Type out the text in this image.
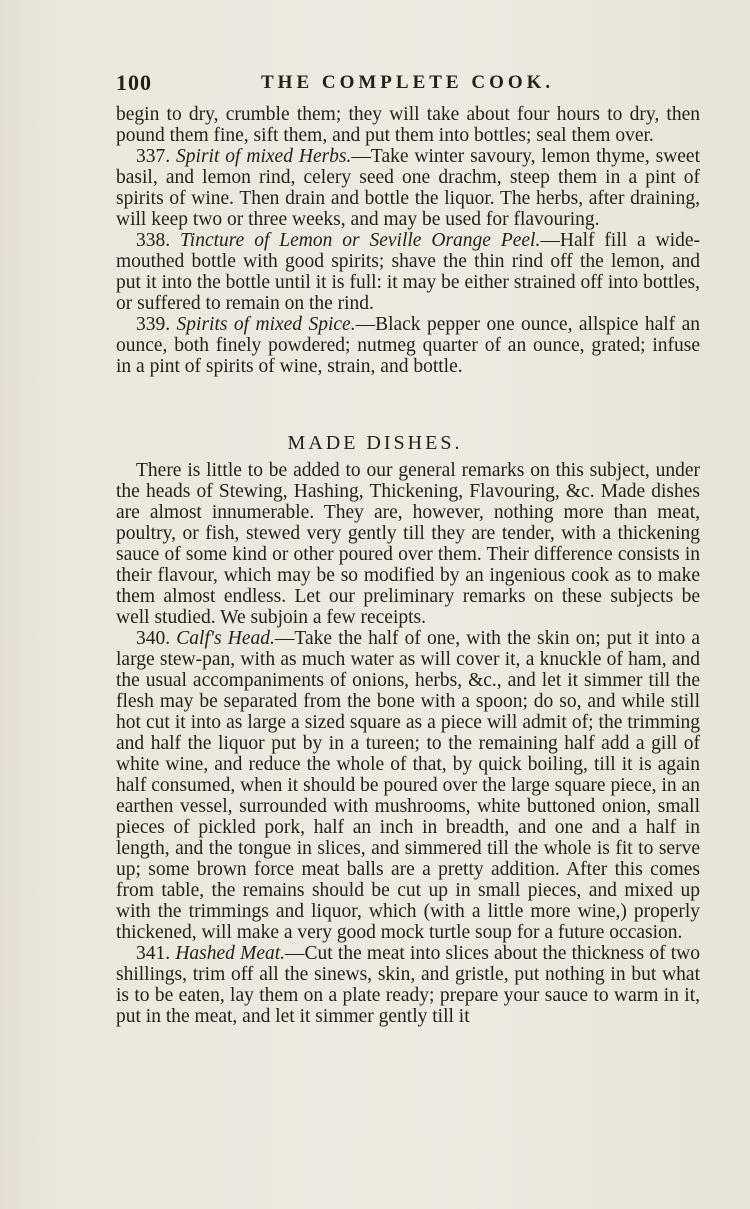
100	THE COMPLETE COOK.

begin to dry, crumble them; they will take about four hours to dry, then pound them fine, sift them, and put them into bottles; seal them over.

337. Spirit of mixed Herbs.—Take winter savoury, lemon thyme, sweet basil, and lemon rind, celery seed one drachm, steep them in a pint of spirits of wine. Then drain and bottle the liquor. The herbs, after draining, will keep two or three weeks, and may be used for flavouring.

338. Tincture of Lemon or Seville Orange Peel.—Half fill a wide-mouthed bottle with good spirits; shave the thin rind off the lemon, and put it into the bottle until it is full: it may be either strained off into bottles, or suffered to remain on the rind.

339. Spirits of mixed Spice.—Black pepper one ounce, allspice half an ounce, both finely powdered; nutmeg quarter of an ounce, grated; infuse in a pint of spirits of wine, strain, and bottle.

MADE DISHES.

There is little to be added to our general remarks on this subject, under the heads of Stewing, Hashing, Thickening, Flavouring, &c. Made dishes are almost innumerable. They are, however, nothing more than meat, poultry, or fish, stewed very gently till they are tender, with a thickening sauce of some kind or other poured over them. Their difference consists in their flavour, which may be so modified by an ingenious cook as to make them almost endless. Let our preliminary remarks on these subjects be well studied. We subjoin a few receipts.

340. Calf's Head.—Take the half of one, with the skin on; put it into a large stew-pan, with as much water as will cover it, a knuckle of ham, and the usual accompaniments of onions, herbs, &c., and let it simmer till the flesh may be separated from the bone with a spoon; do so, and while still hot cut it into as large a sized square as a piece will admit of; the trimming and half the liquor put by in a tureen; to the remaining half add a gill of white wine, and reduce the whole of that, by quick boiling, till it is again half consumed, when it should be poured over the large square piece, in an earthen vessel, surrounded with mushrooms, white buttoned onion, small pieces of pickled pork, half an inch in breadth, and one and a half in length, and the tongue in slices, and simmered till the whole is fit to serve up; some brown force meat balls are a pretty addition. After this comes from table, the remains should be cut up in small pieces, and mixed up with the trimmings and liquor, which (with a little more wine,) properly thickened, will make a very good mock turtle soup for a future occasion.

341. Hashed Meat.—Cut the meat into slices about the thickness of two shillings, trim off all the sinews, skin, and gristle, put nothing in but what is to be eaten, lay them on a plate ready; prepare your sauce to warm in it, put in the meat, and let it simmer gently till it
